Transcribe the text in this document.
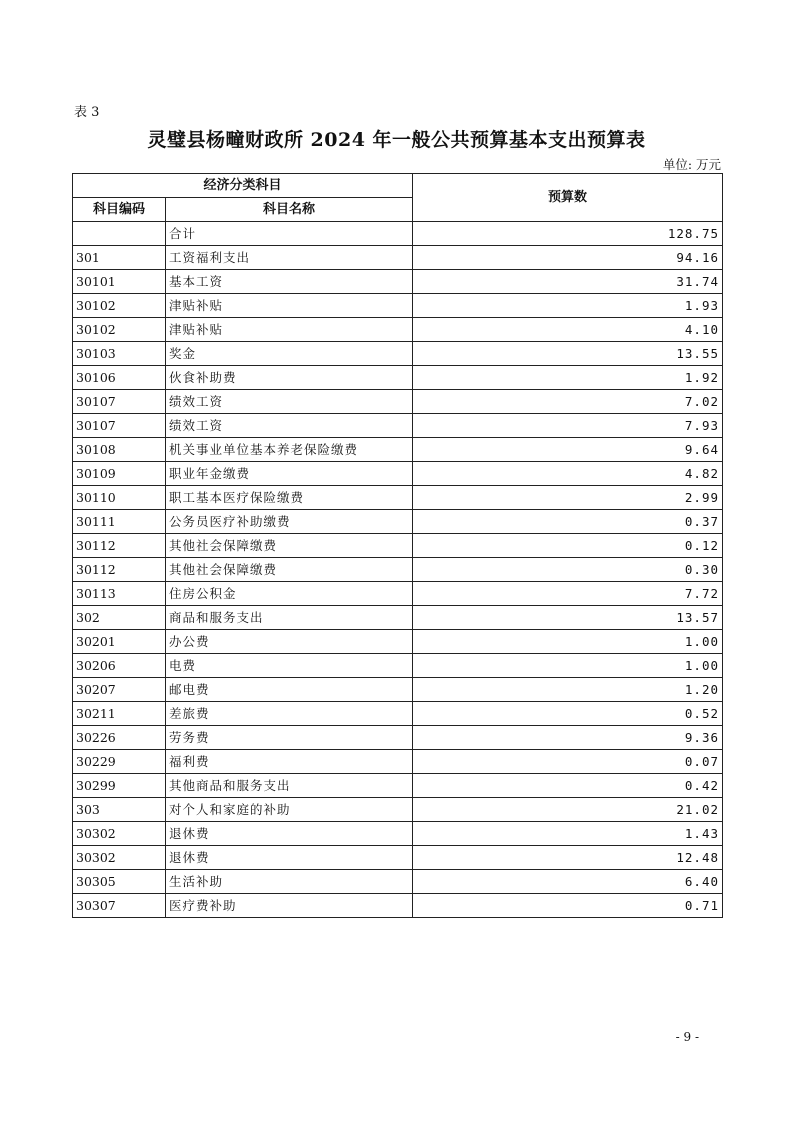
表 3
灵璧县杨疃财政所 2024 年一般公共预算基本支出预算表
单位: 万元
经济分类科目		预算数
科目编码	科目名称	
	合计	128.75
301	工资福利支出	94.16
30101	基本工资	31.74
30102	津贴补贴	1.93
30102	津贴补贴	4.10
30103	奖金	13.55
30106	伙食补助费	1.92
30107	绩效工资	7.02
30107	绩效工资	7.93
30108	机关事业单位基本养老保险缴费	9.64
30109	职业年金缴费	4.82
30110	职工基本医疗保险缴费	2.99
30111	公务员医疗补助缴费	0.37
30112	其他社会保障缴费	0.12
30112	其他社会保障缴费	0.30
30113	住房公积金	7.72
302	商品和服务支出	13.57
30201	办公费	1.00
30206	电费	1.00
30207	邮电费	1.20
30211	差旅费	0.52
30226	劳务费	9.36
30229	福利费	0.07
30299	其他商品和服务支出	0.42
303	对个人和家庭的补助	21.02
30302	退休费	1.43
30302	退休费	12.48
30305	生活补助	6.40
30307	医疗费补助	0.71
- 9 -
